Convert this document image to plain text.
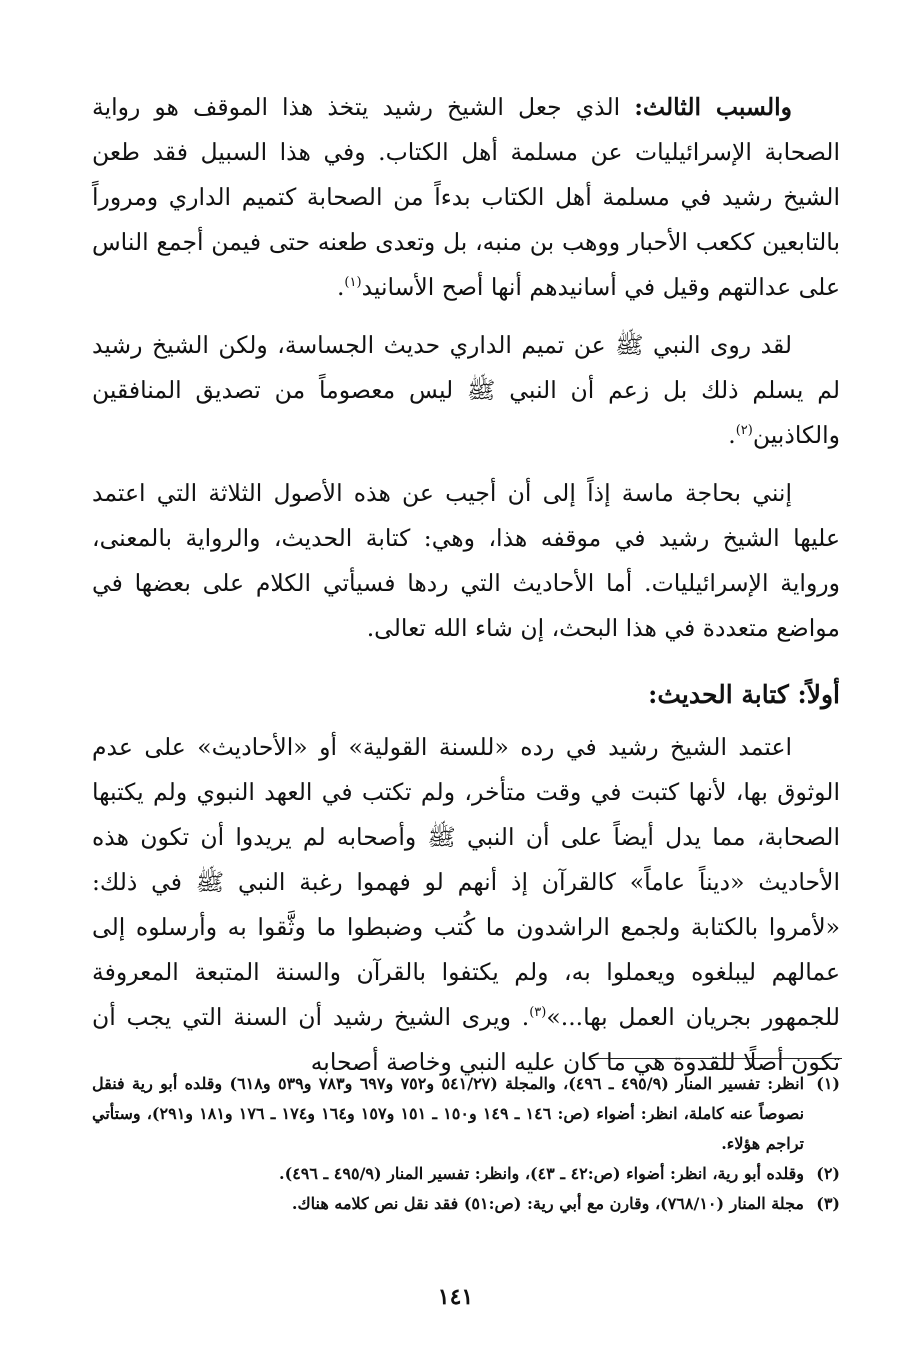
والسبب الثالث: الذي جعل الشيخ رشيد يتخذ هذا الموقف هو رواية الصحابة الإسرائيليات عن مسلمة أهل الكتاب. وفي هذا السبيل فقد طعن الشيخ رشيد في مسلمة أهل الكتاب بدءاً من الصحابة كتميم الداري ومروراً بالتابعين ككعب الأحبار ووهب بن منبه، بل وتعدى طعنه حتى فيمن أجمع الناس على عدالتهم وقيل في أسانيدهم أنها أصح الأسانيد$^{(١)}$.

لقد روى النبي ﷺ عن تميم الداري حديث الجساسة، ولكن الشيخ رشيد لم يسلم ذلك بل زعم أن النبي ﷺ ليس معصوماً من تصديق المنافقين والكاذبين$^{(٢)}$.

إنني بحاجة ماسة إذاً إلى أن أجيب عن هذه الأصول الثلاثة التي اعتمد عليها الشيخ رشيد في موقفه هذا، وهي: كتابة الحديث، والرواية بالمعنى، ورواية الإسرائيليات. أما الأحاديث التي ردها فسيأتي الكلام على بعضها في مواضع متعددة في هذا البحث، إن شاء الله تعالى.

أولاً: كتابة الحديث:

اعتمد الشيخ رشيد في رده «للسنة القولية» أو «الأحاديث» على عدم الوثوق بها، لأنها كتبت في وقت متأخر، ولم تكتب في العهد النبوي ولم يكتبها الصحابة، مما يدل أيضاً على أن النبي ﷺ وأصحابه لم يريدوا أن تكون هذه الأحاديث «ديناً عاماً» كالقرآن إذ أنهم لو فهموا رغبة النبي ﷺ في ذلك: «لأمروا بالكتابة ولجمع الراشدون ما كُتب وضبطوا ما وثَّقوا به وأرسلوه إلى عمالهم ليبلغوه ويعملوا به، ولم يكتفوا بالقرآن والسنة المتبعة المعروفة للجمهور بجريان العمل بها...»$^{(٣)}$. ويرى الشيخ رشيد أن السنة التي يجب أن تكون أصلًا للقدوة هي ما كان عليه النبي وخاصة أصحابه

(١)
انظر: تفسير المنار (٤٩٥/٩ ـ ٤٩٦)، والمجلة (٥٤١/٢٧ و٧٥٢ و٦٩٧ و٧٨٣ و٥٣٩ و٦١٨) وقلده أبو رية فنقل نصوصاً عنه كاملة، انظر: أضواء (ص: ١٤٦ ـ ١٤٩ و١٥٠ ـ ١٥١ و١٥٧ و١٦٤ و١٧٤ ـ ١٧٦ و١٨١ و٢٩١)، وستأتي تراجم هؤلاء.
(٢)
وقلده أبو رية، انظر: أضواء (ص:٤٢ ـ ٤٣)، وانظر: تفسير المنار (٤٩٥/٩ ـ ٤٩٦).
(٣)
مجلة المنار (٧٦٨/١٠)، وقارن مع أبي رية: (ص:٥١) فقد نقل نص كلامه هناك.
١٤١
